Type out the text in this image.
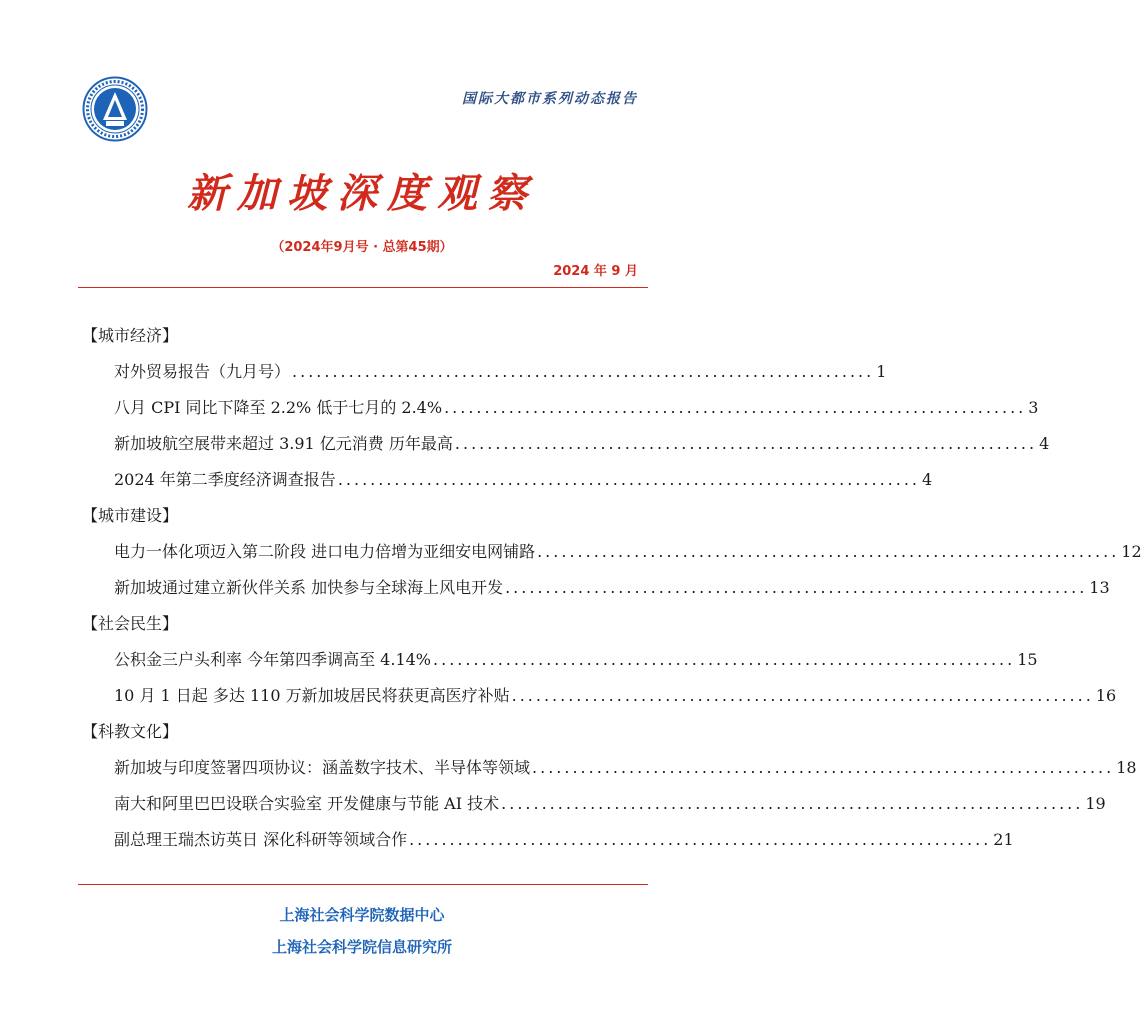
国际大都市系列动态报告
新加坡深度观察
（2024年9月号 · 总第45期）
2024 年 9 月
【城市经济】
对外贸易报告（九月号） ........................................................................ 1
八月 CPI 同比下降至 2.2% 低于七月的 2.4% ........................................................................ 3
新加坡航空展带来超过 3.91 亿元消费 历年最高 ........................................................................ 4
2024 年第二季度经济调查报告 ........................................................................ 4
【城市建设】
电力一体化项迈入第二阶段 进口电力倍增为亚细安电网铺路 ........................................................................ 12
新加坡通过建立新伙伴关系 加快参与全球海上风电开发 ........................................................................ 13
【社会民生】
公积金三户头利率 今年第四季调高至 4.14% ........................................................................ 15
10 月 1 日起 多达 110 万新加坡居民将获更高医疗补贴 ........................................................................ 16
【科教文化】
新加坡与印度签署四项协议：涵盖数字技术、半导体等领域 ........................................................................ 18
南大和阿里巴巴设联合实验室 开发健康与节能 AI 技术 ........................................................................ 19
副总理王瑞杰访英日 深化科研等领域合作 ........................................................................ 21
上海社会科学院数据中心
上海社会科学院信息研究所
